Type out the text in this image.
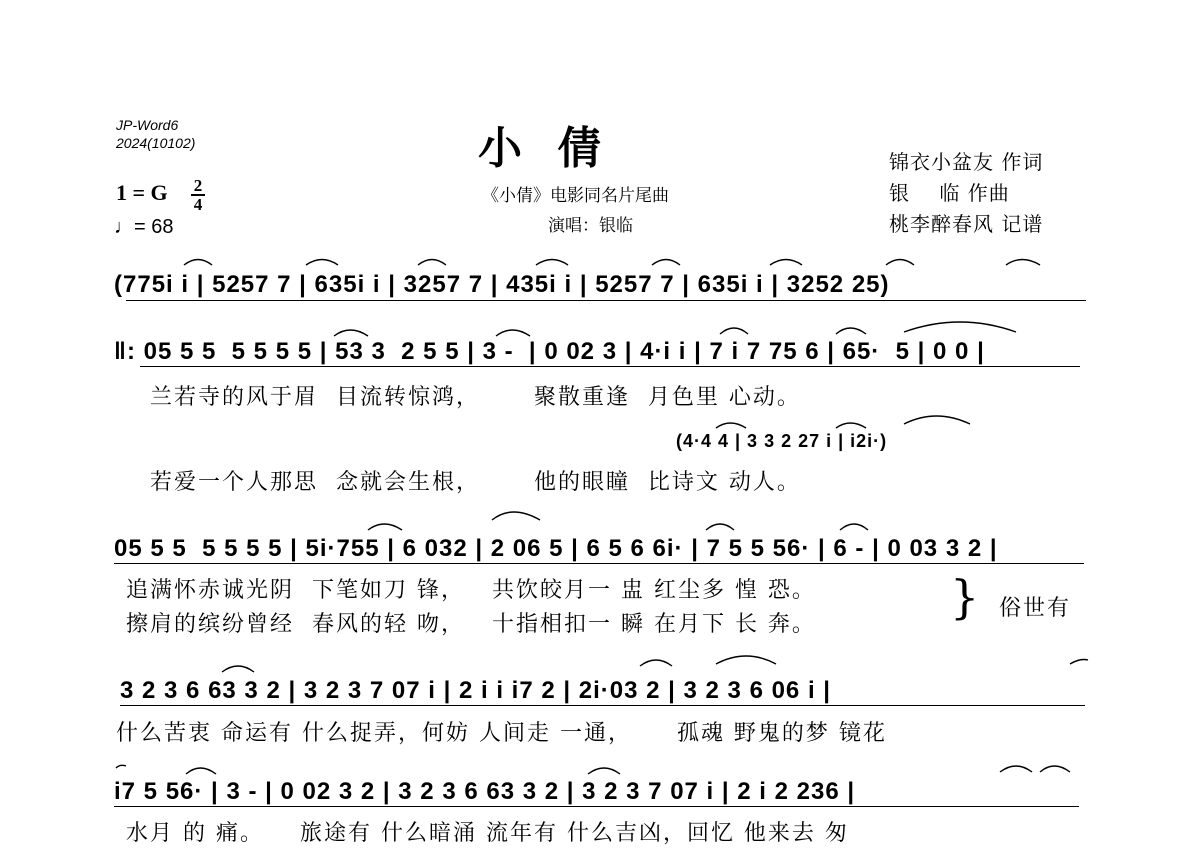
JP-Word6
2024(10102)	小 倩
《小倩》电影同名片尾曲
演唱：银临
锦衣小盆友 作词
银    临 作曲
桃李醉春风 记谱
1 = G	2
4
♩= 68
(775i i | 5257 7 | 635i i | 3257 7 | 435i i | 5257 7 | 635i i | 3252 25)
‖: 05 5 5  5 5 5 5 | 53 3  2 5 5 | 3 -  | 0 02 3 | 4·i i | 7 i 7 75 6 | 65·  5 | 0 0 |
兰若寺的风于眉  目流转惊鸿，      聚散重逢  月色里 心动。
(4·4 4 | 3 3 2 27 i | i2i·)
若爱一个人那思  念就会生根，      他的眼瞳  比诗文 动人。
05 5 5  5 5 5 5 | 5i·755 | 6 032 | 2 06 5 | 6 5 6 6i· | 7 5 5 56· | 6 - | 0 03 3 2 |
追满怀赤诚光阴  下笔如刀 锋，   共饮皎月一 盅 红尘多 惶 恐。
擦肩的缤纷曾经  春风的轻 吻，   十指相扣一 瞬 在月下 长 奔。
} 俗世有
3 2 3 6 63 3 2 | 3 2 3 7 07 i | 2 i i i7 2 | 2i·03 2 | 3 2 3 6 06 i |
什么苦衷 命运有 什么捉弄，何妨 人间走 一通，     孤魂 野鬼的梦 镜花
i7 5 56· | 3 - | 0 02 3 2 | 3 2 3 6 63 3 2 | 3 2 3 7 07 i | 2 i 2 236 |
水月 的 痛。    旅途有 什么暗涌 流年有 什么吉凶，回忆 他来去 匆
